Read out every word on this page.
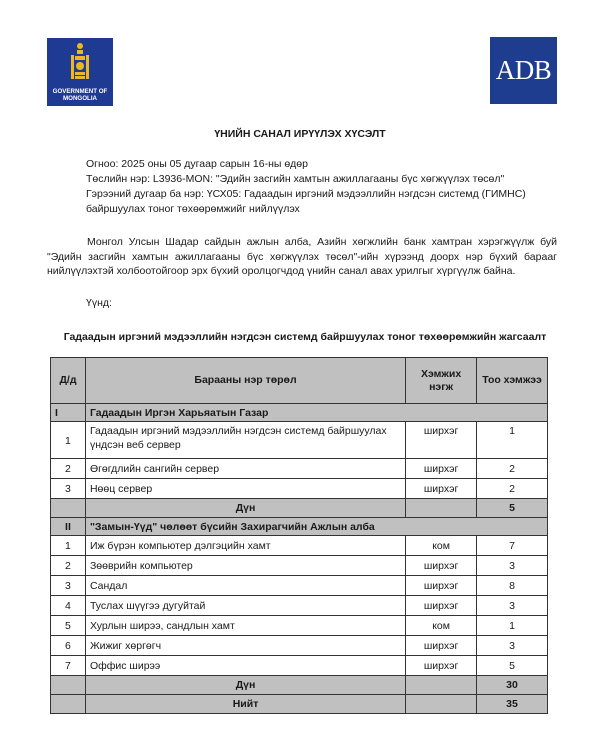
GOVERNMENT OF MONGOLIA
ADB
ҮНИЙН САНАЛ ИРҮҮЛЭХ ХҮСЭЛТ
Огноо: 2025 оны 05 дугаар сарын 16-ны өдөр
Төслийн нэр: L3936-MON: "Эдийн засгийн хамтын ажиллагааны бүс хөгжүүлэх төсөл"
Гэрээний дугаар ба нэр: ҮСХ05: Гадаадын иргэний мэдээллийн нэгдсэн системд (ГИМНС)
байршуулах тоног төхөөрөмжийг нийлүүлэх
Монгол Улсын Шадар сайдын ажлын алба, Азийн хөгжлийн банк хамтран хэрэгжүүлж буй "Эдийн засгийн хамтын ажиллагааны бүс хөгжүүлэх төсөл"-ийн хүрээнд доорх нэр бүхий барааг нийлүүлэхтэй холбоотойгоор эрх бүхий оролцогчдод үнийн санал авах урилгыг хүргүүлж байна.
Үүнд:
Гадаадын иргэний мэдээллийн нэгдсэн системд байршуулах тоног төхөөрөмжийн жагсаалт
Д/д	Барааны нэр төрөл	Хэмжих нэгж	Тоо хэмжээ
I	Гадаадын Иргэн Харьяатын Газар		
1	Гадаадын иргэний мэдээллийн нэгдсэн системд байршуулах үндсэн веб сервер	ширхэг	1
2	Өгөгдлийн сангийн сервер	ширхэг	2
3	Нөөц сервер	ширхэг	2
	Дүн		5
II	"Замын-Үүд" чөлөөт бүсийн Захирагчийн Ажлын алба		
1	Иж бүрэн компьютер дэлгэцийн хамт	ком	7
2	Зөөврийн компьютер	ширхэг	3
3	Сандал	ширхэг	8
4	Туслах шүүгээ дугуйтай	ширхэг	3
5	Хурлын ширээ, сандлын хамт	ком	1
6	Жижиг хөргөгч	ширхэг	3
7	Оффис ширээ	ширхэг	5
	Дүн		30
	Нийт		35
